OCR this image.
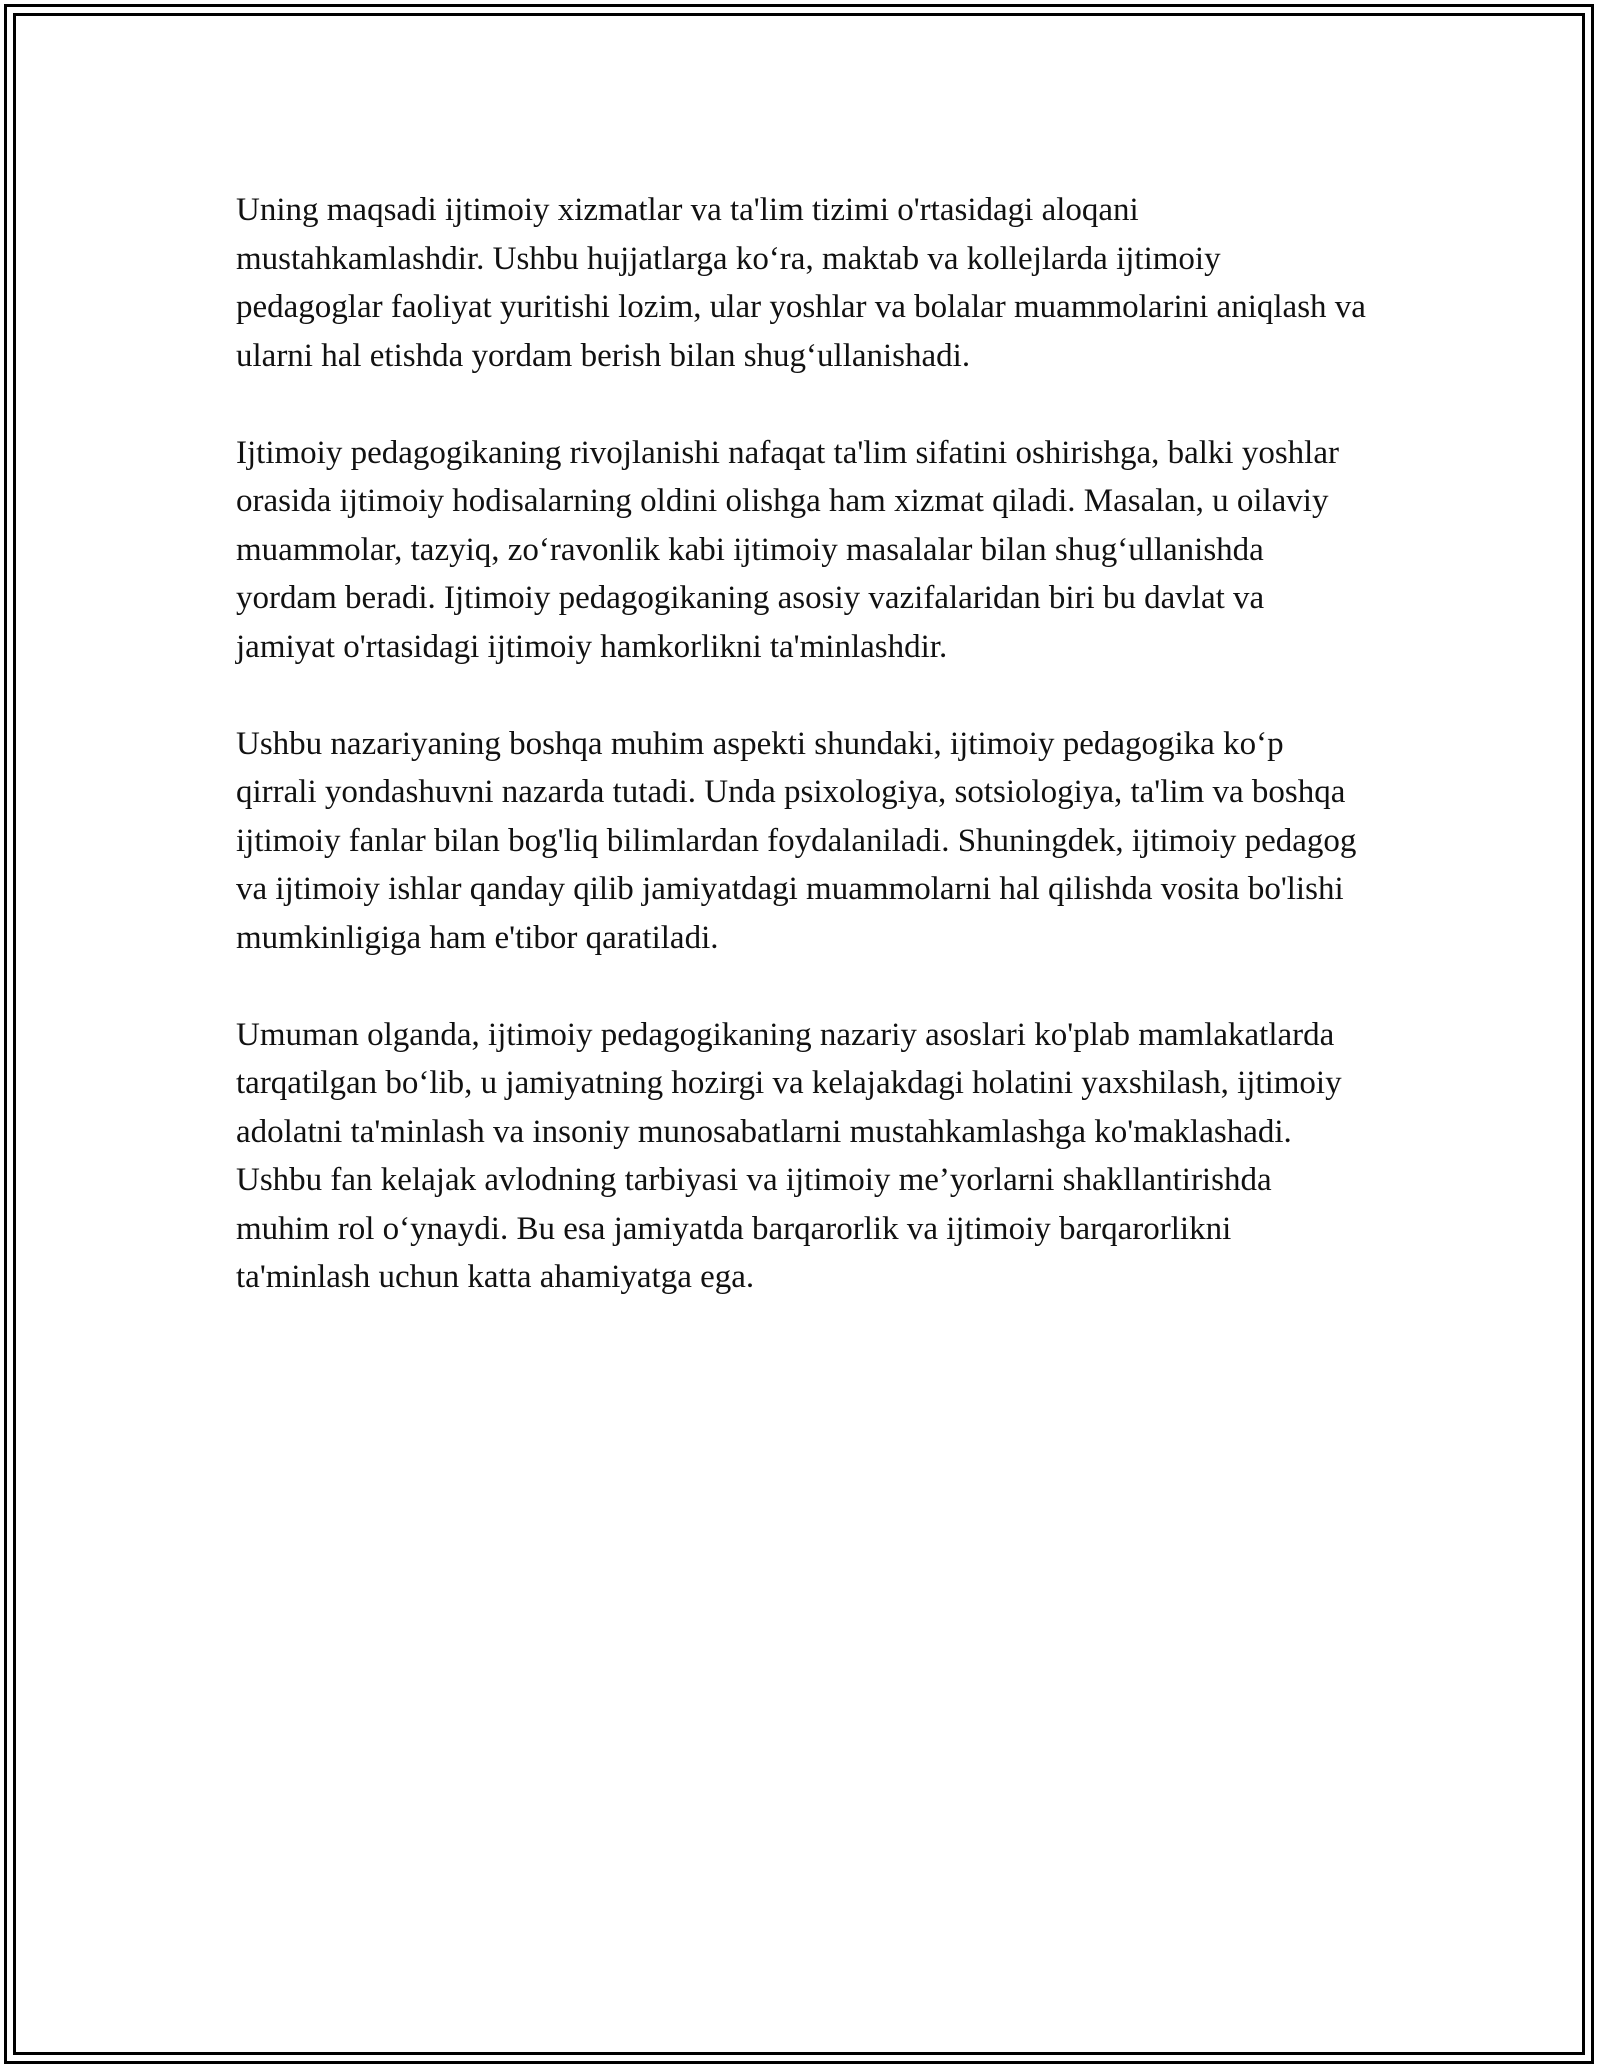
Uning maqsadi ijtimoiy xizmatlar va ta'lim tizimi o'rtasidagi aloqani mustahkamlashdir. Ushbu hujjatlarga koʻra, maktab va kollejlarda ijtimoiy pedagoglar faoliyat yuritishi lozim, ular yoshlar va bolalar muammolarini aniqlash va ularni hal etishda yordam berish bilan shugʻullanishadi.

Ijtimoiy pedagogikaning rivojlanishi nafaqat ta'lim sifatini oshirishga, balki yoshlar orasida ijtimoiy hodisalarning oldini olishga ham xizmat qiladi. Masalan, u oilaviy muammolar, tazyiq, zoʻravonlik kabi ijtimoiy masalalar bilan shugʻullanishda yordam beradi. Ijtimoiy pedagogikaning asosiy vazifalaridan biri bu davlat va jamiyat o'rtasidagi ijtimoiy hamkorlikni ta'minlashdir.

Ushbu nazariyaning boshqa muhim aspekti shundaki, ijtimoiy pedagogika koʻp qirrali yondashuvni nazarda tutadi. Unda psixologiya, sotsiologiya, ta'lim va boshqa ijtimoiy fanlar bilan bog'liq bilimlardan foydalaniladi. Shuningdek, ijtimoiy pedagog va ijtimoiy ishlar qanday qilib jamiyatdagi muammolarni hal qilishda vosita bo'lishi mumkinligiga ham e'tibor qaratiladi.

Umuman olganda, ijtimoiy pedagogikaning nazariy asoslari ko'plab mamlakatlarda tarqatilgan boʻlib, u jamiyatning hozirgi va kelajakdagi holatini yaxshilash, ijtimoiy adolatni ta'minlash va insoniy munosabatlarni mustahkamlashga ko'maklashadi. Ushbu fan kelajak avlodning tarbiyasi va ijtimoiy me’yorlarni shakllantirishda muhim rol oʻynaydi. Bu esa jamiyatda barqarorlik va ijtimoiy barqarorlikni ta'minlash uchun katta ahamiyatga ega.
